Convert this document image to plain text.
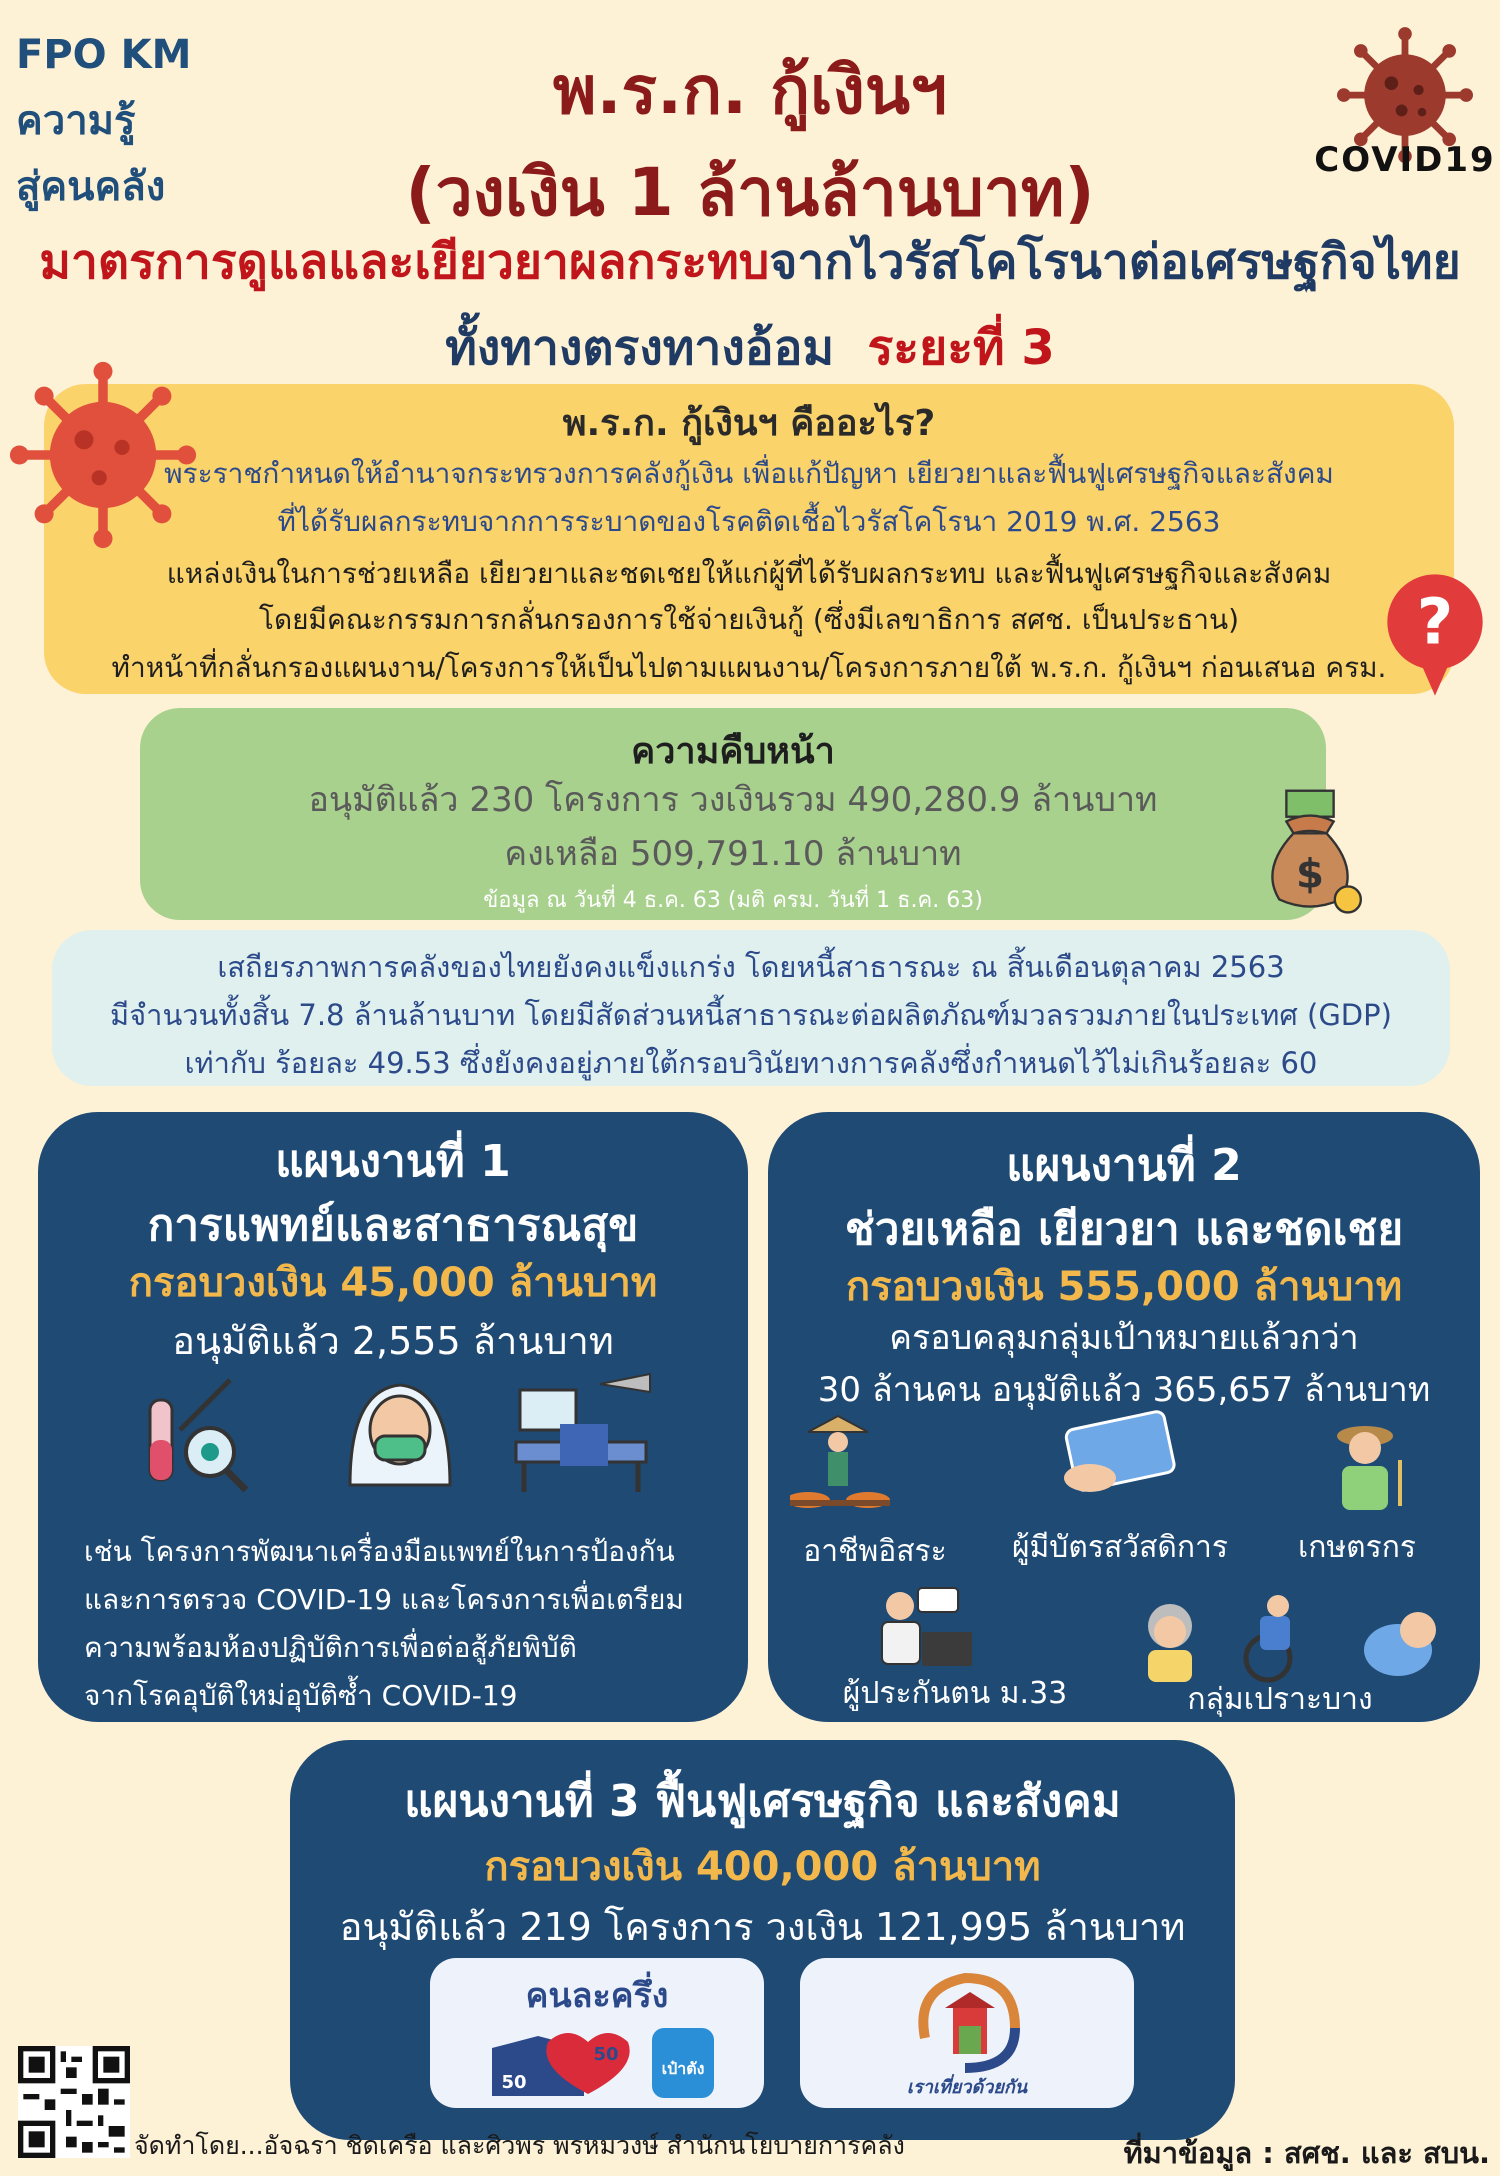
FPO KM
ความรู้
สู่คนคลัง
COVID19
พ.ร.ก. กู้เงินฯ
(วงเงิน 1 ล้านล้านบาท)
มาตรการดูแลและเยียวยาผลกระทบจากไวรัสโคโรนาต่อเศรษฐกิจไทย
ทั้งทางตรงทางอ้อม ระยะที่ 3
พ.ร.ก. กู้เงินฯ คืออะไร?
พระราชกำหนดให้อำนาจกระทรวงการคลังกู้เงิน เพื่อแก้ปัญหา เยียวยาและฟื้นฟูเศรษฐกิจและสังคม
ที่ได้รับผลกระทบจากการระบาดของโรคติดเชื้อไวรัสโคโรนา 2019 พ.ศ. 2563
แหล่งเงินในการช่วยเหลือ เยียวยาและชดเชยให้แก่ผู้ที่ได้รับผลกระทบ และฟื้นฟูเศรษฐกิจและสังคม
โดยมีคณะกรรมการกลั่นกรองการใช้จ่ายเงินกู้ (ซึ่งมีเลขาธิการ สศช. เป็นประธาน)
ทำหน้าที่กลั่นกรองแผนงาน/โครงการให้เป็นไปตามแผนงาน/โครงการภายใต้ พ.ร.ก. กู้เงินฯ ก่อนเสนอ ครม.
?
ความคืบหน้า
อนุมัติแล้ว 230 โครงการ วงเงินรวม 490,280.9 ล้านบาท
คงเหลือ 509,791.10 ล้านบาท
ข้อมูล ณ วันที่ 4 ธ.ค. 63 (มติ ครม. วันที่ 1 ธ.ค. 63)
$
เสถียรภาพการคลังของไทยยังคงแข็งแกร่ง โดยหนี้สาธารณะ ณ สิ้นเดือนตุลาคม 2563
มีจำนวนทั้งสิ้น 7.8 ล้านล้านบาท โดยมีสัดส่วนหนี้สาธารณะต่อผลิตภัณฑ์มวลรวมภายในประเทศ (GDP)
เท่ากับ ร้อยละ 49.53 ซึ่งยังคงอยู่ภายใต้กรอบวินัยทางการคลังซึ่งกำหนดไว้ไม่เกินร้อยละ 60
แผนงานที่ 1
การแพทย์และสาธารณสุข
กรอบวงเงิน 45,000 ล้านบาท
อนุมัติแล้ว 2,555 ล้านบาท
เช่น โครงการพัฒนาเครื่องมือแพทย์ในการป้องกัน
และการตรวจ COVID-19 และโครงการเพื่อเตรียม
ความพร้อมห้องปฏิบัติการเพื่อต่อสู้ภัยพิบัติ
จากโรคอุบัติใหม่อุบัติซ้ำ COVID-19
แผนงานที่ 2
ช่วยเหลือ เยียวยา และชดเชย
กรอบวงเงิน 555,000 ล้านบาท
ครอบคลุมกลุ่มเป้าหมายแล้วกว่า
30 ล้านคน อนุมัติแล้ว 365,657 ล้านบาท
อาชีพอิสระ	ผู้มีบัตรสวัสดิการ	เกษตรกร
ผู้ประกันตน ม.33	กลุ่มเปราะบาง
แผนงานที่ 3 ฟื้นฟูเศรษฐกิจ และสังคม
กรอบวงเงิน 400,000 ล้านบาท
อนุมัติแล้ว 219 โครงการ วงเงิน 121,995 ล้านบาท
คนละครึ่ง
50
50
เป๋าตัง
เราเที่ยวด้วยกัน
จัดทำโดย...อัจฉรา ชิดเครือ และศิวพร พรหมวงษ์ สำนักนโยบายการคลัง	ที่มาข้อมูล : สศช. และ สบน.
